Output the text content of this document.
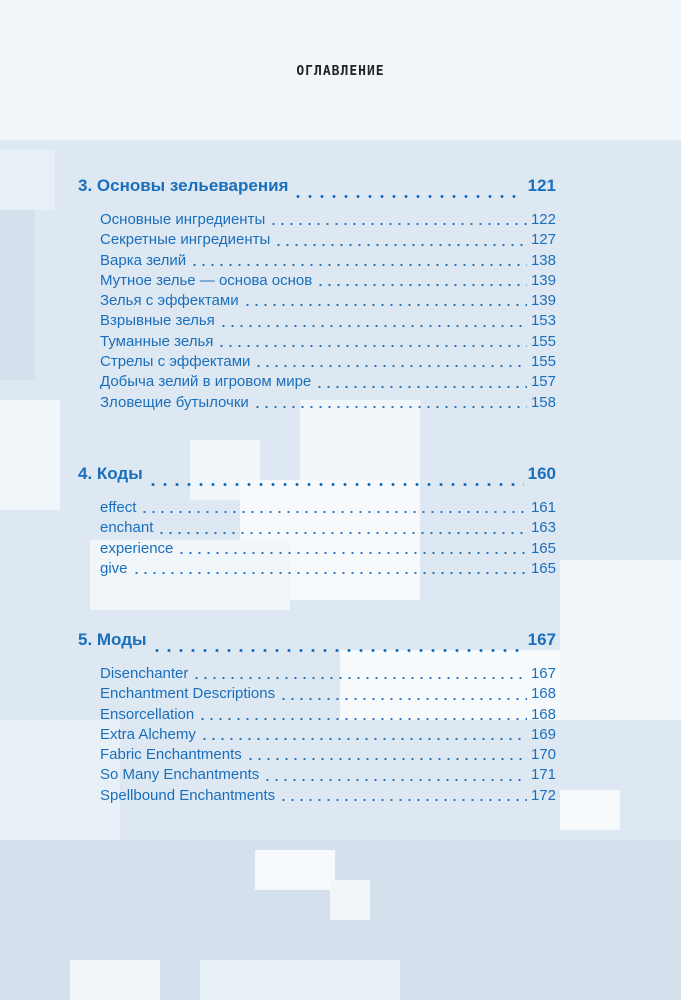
ОГЛАВЛЕНИЕ
3. Основы зельеварения	121
Основные ингредиенты	122
Секретные ингредиенты	127
Варка зелий	138
Мутное зелье — основа основ	139
Зелья с эффектами	139
Взрывные зелья	153
Туманные зелья	155
Стрелы с эффектами	155
Добыча зелий в игровом мире	157
Зловещие бутылочки	158
4. Коды	160
effect	161
enchant	163
experience	165
give	165
5. Моды	167
Disenchanter	167
Enchantment Descriptions	168
Ensorcellation	168
Extra Alchemy	169
Fabric Enchantments	170
So Many Enchantments	171
Spellbound Enchantments	172
